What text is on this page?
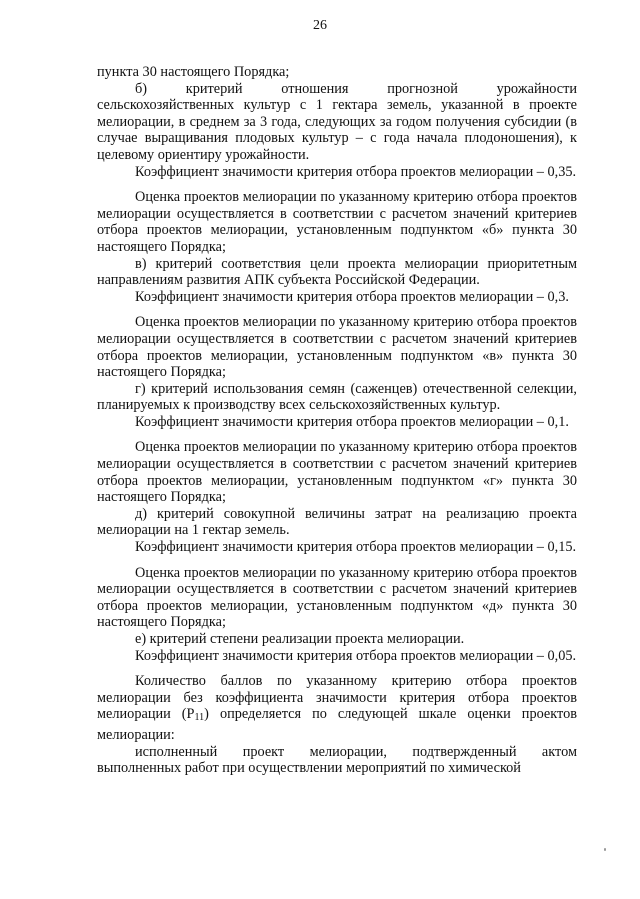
26

пункта 30 настоящего Порядка;

б) критерий отношения прогнозной урожайности сельскохозяйственных культур с 1 гектара земель, указанной в проекте мелиорации, в среднем за 3 года, следующих за годом получения субсидии (в случае выращивания плодовых культур – с года начала плодоношения), к целевому ориентиру урожайности.

Коэффициент значимости критерия отбора проектов мелиорации – 0,35.

Оценка проектов мелиорации по указанному критерию отбора проектов мелиорации осуществляется в соответствии с расчетом значений критериев отбора проектов мелиорации, установленным подпунктом «б» пункта 30 настоящего Порядка;

в) критерий соответствия цели проекта мелиорации приоритетным направлениям развития АПК субъекта Российской Федерации.

Коэффициент значимости критерия отбора проектов мелиорации – 0,3.

Оценка проектов мелиорации по указанному критерию отбора проектов мелиорации осуществляется в соответствии с расчетом значений критериев отбора проектов мелиорации, установленным подпунктом «в» пункта 30 настоящего Порядка;

г) критерий использования семян (саженцев) отечественной селекции, планируемых к производству всех сельскохозяйственных культур.

Коэффициент значимости критерия отбора проектов мелиорации – 0,1.

Оценка проектов мелиорации по указанному критерию отбора проектов мелиорации осуществляется в соответствии с расчетом значений критериев отбора проектов мелиорации, установленным подпунктом «г» пункта 30 настоящего Порядка;

д) критерий совокупной величины затрат на реализацию проекта мелиорации на 1 гектар земель.

Коэффициент значимости критерия отбора проектов мелиорации – 0,15.

Оценка проектов мелиорации по указанному критерию отбора проектов мелиорации осуществляется в соответствии с расчетом значений критериев отбора проектов мелиорации, установленным подпунктом «д» пункта 30 настоящего Порядка;

е) критерий степени реализации проекта мелиорации.

Коэффициент значимости критерия отбора проектов мелиорации – 0,05.

Количество баллов по указанному критерию отбора проектов мелиорации без коэффициента значимости критерия отбора проектов мелиорации $(P_{11})$ определяется по следующей шкале оценки проектов мелиорации:

исполненный проект мелиорации, подтвержденный актом выполненных работ при осуществлении мероприятий по химической
